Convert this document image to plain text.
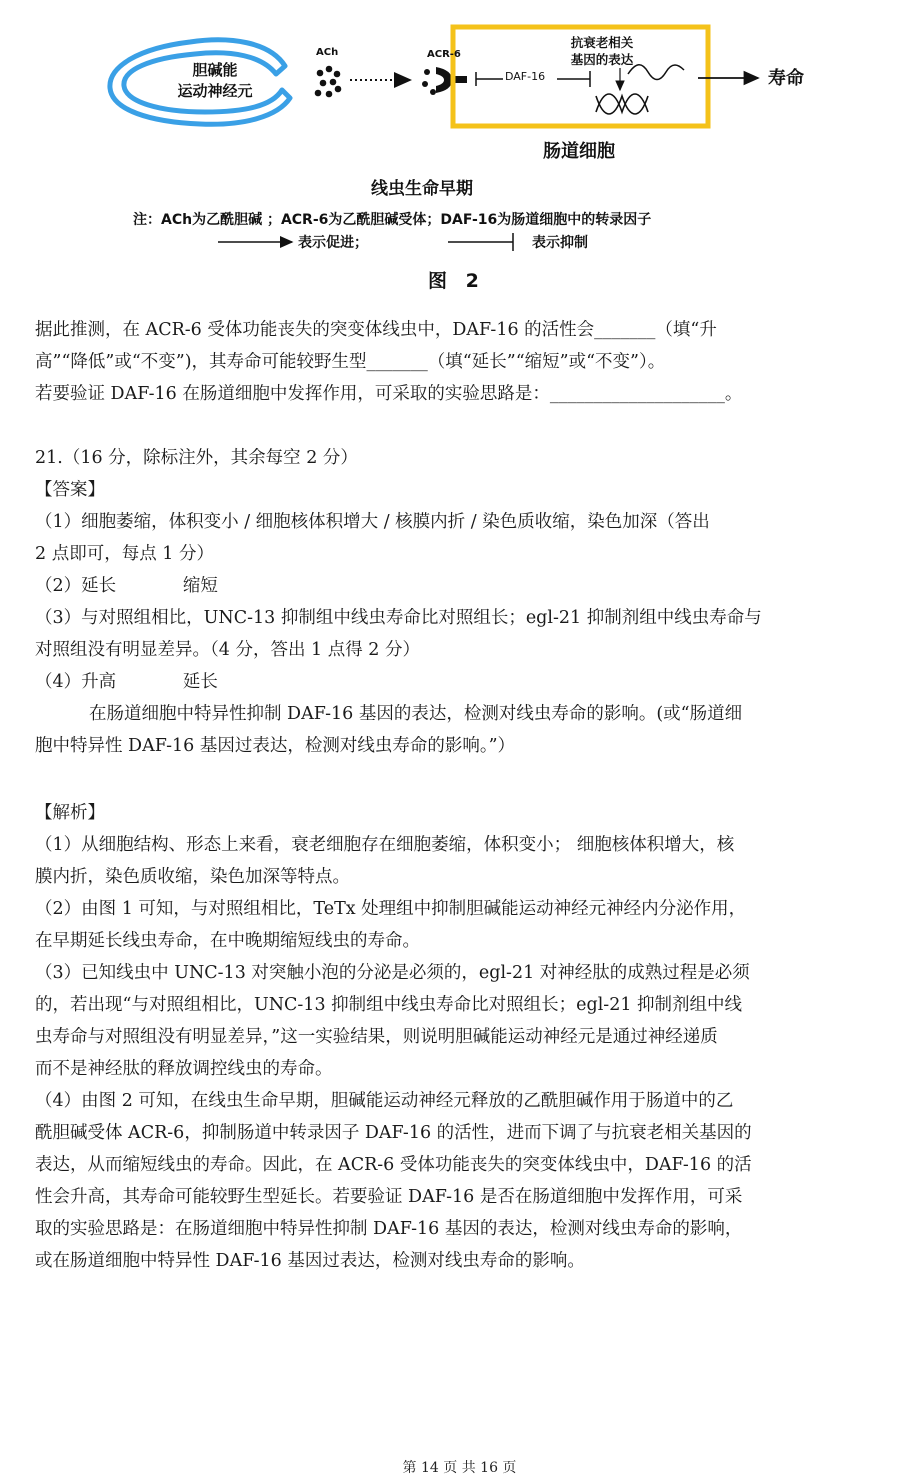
胆碱能
运动神经元
ACh	ACR-6
DAF-16
抗衰老相关
基因的表达
寿命
肠道细胞
线虫生命早期
注：ACh为乙酰胆碱 ；ACR-6为乙酰胆碱受体；DAF-16为肠道细胞中的转录因子
表示促进；	表示抑制
图 2

据此推测，在 ACR-6 受体功能丧失的突变体线虫中，DAF-16 的活性会_______（填“升

高”“降低”或“不变”)，其寿命可能较野生型_______（填“延长”“缩短”或“不变”）。

若要验证 DAF-16 在肠道细胞中发挥作用，可采取的实验思路是：____________________。

21.（16 分，除标注外，其余每空 2 分）

【答案】

（1）细胞萎缩，体积变小 / 细胞核体积增大 / 核膜内折 / 染色质收缩，染色加深（答出

2 点即可，每点 1 分）

（2）延长            缩短

（3）与对照组相比，UNC-13 抑制组中线虫寿命比对照组长；egl-21 抑制剂组中线虫寿命与

对照组没有明显差异。（4 分，答出 1 点得 2 分）

（4）升高            延长

在肠道细胞中特异性抑制 DAF-16 基因的表达，检测对线虫寿命的影响。(或“肠道细

胞中特异性 DAF-16 基因过表达，检测对线虫寿命的影响。”）

【解析】

（1）从细胞结构、形态上来看，衰老细胞存在细胞萎缩，体积变小； 细胞核体积增大，核

膜内折，染色质收缩，染色加深等特点。

（2）由图 1 可知，与对照组相比，TeTx 处理组中抑制胆碱能运动神经元神经内分泌作用，

在早期延长线虫寿命，在中晚期缩短线虫的寿命。

（3）已知线虫中 UNC-13 对突触小泡的分泌是必须的，egl-21 对神经肽的成熟过程是必须

的，若出现“与对照组相比，UNC-13 抑制组中线虫寿命比对照组长；egl-21 抑制剂组中线

虫寿命与对照组没有明显差异，”这一实验结果，则说明胆碱能运动神经元是通过神经递质

而不是神经肽的释放调控线虫的寿命。

（4）由图 2 可知，在线虫生命早期，胆碱能运动神经元释放的乙酰胆碱作用于肠道中的乙

酰胆碱受体 ACR-6，抑制肠道中转录因子 DAF-16 的活性，进而下调了与抗衰老相关基因的

表达，从而缩短线虫的寿命。因此，在 ACR-6 受体功能丧失的突变体线虫中，DAF-16 的活

性会升高，其寿命可能较野生型延长。若要验证 DAF-16 是否在肠道细胞中发挥作用，可采

取的实验思路是：在肠道细胞中特异性抑制 DAF-16 基因的表达，检测对线虫寿命的影响，

或在肠道细胞中特异性 DAF-16 基因过表达，检测对线虫寿命的影响。

第 14 页 共 16 页
